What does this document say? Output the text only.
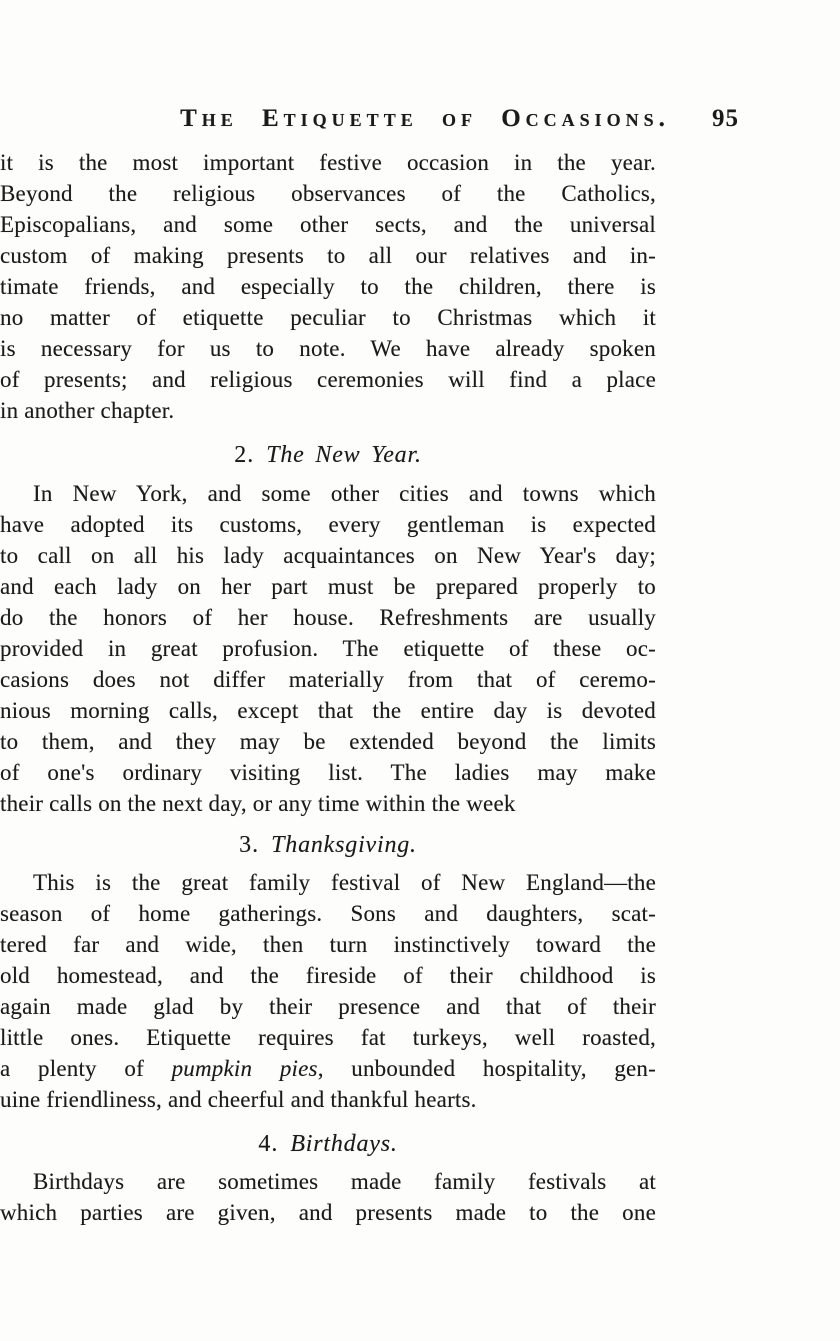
The Etiquette of Occasions.	95
it is the most important festive occasion in the year.
Beyond the religious observances of the Catholics,
Episcopalians, and some other sects, and the universal
custom of making presents to all our relatives and in-
timate friends, and especially to the children, there is
no matter of etiquette peculiar to Christmas which it
is necessary for us to note. We have already spoken
of presents; and religious ceremonies will find a place
in another chapter.
2. The New Year.
In New York, and some other cities and towns which
have adopted its customs, every gentleman is expected
to call on all his lady acquaintances on New Year's day;
and each lady on her part must be prepared properly to
do the honors of her house. Refreshments are usually
provided in great profusion. The etiquette of these oc-
casions does not differ materially from that of ceremo-
nious morning calls, except that the entire day is devoted
to them, and they may be extended beyond the limits
of one's ordinary visiting list. The ladies may make
their calls on the next day, or any time within the week
3. Thanksgiving.
This is the great family festival of New England—the
season of home gatherings. Sons and daughters, scat-
tered far and wide, then turn instinctively toward the
old homestead, and the fireside of their childhood is
again made glad by their presence and that of their
little ones. Etiquette requires fat turkeys, well roasted,
a plenty of pumpkin pies, unbounded hospitality, gen-
uine friendliness, and cheerful and thankful hearts.
4. Birthdays.
Birthdays are sometimes made family festivals at
which parties are given, and presents made to the one
